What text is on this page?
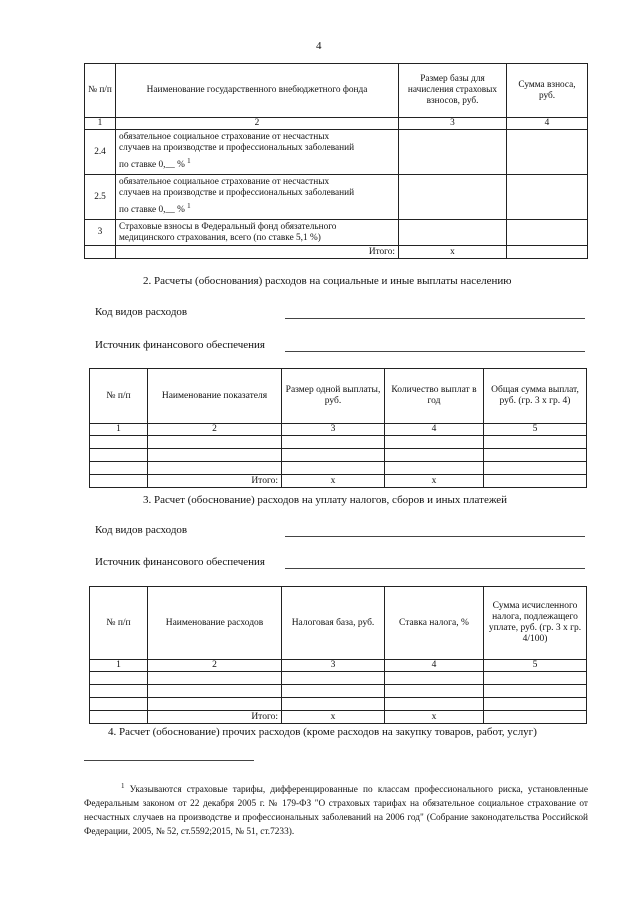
4
№ п/п	Наименование государственного внебюджетного фонда	Размер базы для начисления страховых взносов, руб.	Сумма взноса, руб.
1	2	3	4
2.4	обязательное социальное страхование от несчастных
случаев на производстве и профессиональных заболеваний
по ставке 0,__ % $^1$

2.5	обязательное социальное страхование от несчастных
случаев на производстве и профессиональных заболеваний
по ставке 0,__ % $^1$

3	Страховые взносы в Федеральный фонд обязательного
медицинского страхования, всего (по ставке 5,1 %)		

	Итого:	x	
2. Расчеты (обоснования) расходов на социальные и иные выплаты населению
Код видов расходов
Источник финансового обеспечения
№ п/п	Наименование показателя	Размер одной выплаты, руб.	Количество выплат в год	Общая сумма выплат, руб. (гр. 3 х гр. 4)
1	2	3	4	5

	Итого:	x	x	
3. Расчет (обоснование) расходов на уплату налогов, сборов и иных платежей
Код видов расходов
Источник финансового обеспечения
№ п/п	Наименование расходов	Налоговая база, руб.	Ставка налога, %	Сумма исчисленного налога, подлежащего уплате, руб. (гр. 3 х гр. 4/100)
1	2	3	4	5

	Итого:	x	x	
4. Расчет (обоснование) прочих расходов (кроме расходов на закупку товаров, работ, услуг)
$^1$ Указываются страховые тарифы, дифференцированные по классам профессионального риска, установленные Федеральным законом от 22 декабря 2005 г. № 179-ФЗ "О страховых тарифах на обязательное социальное страхование от несчастных случаев на производстве и профессиональных заболеваний на 2006 год" (Собрание законодательства Российской Федерации, 2005, № 52, ст.5592;2015, № 51, ст.7233).
